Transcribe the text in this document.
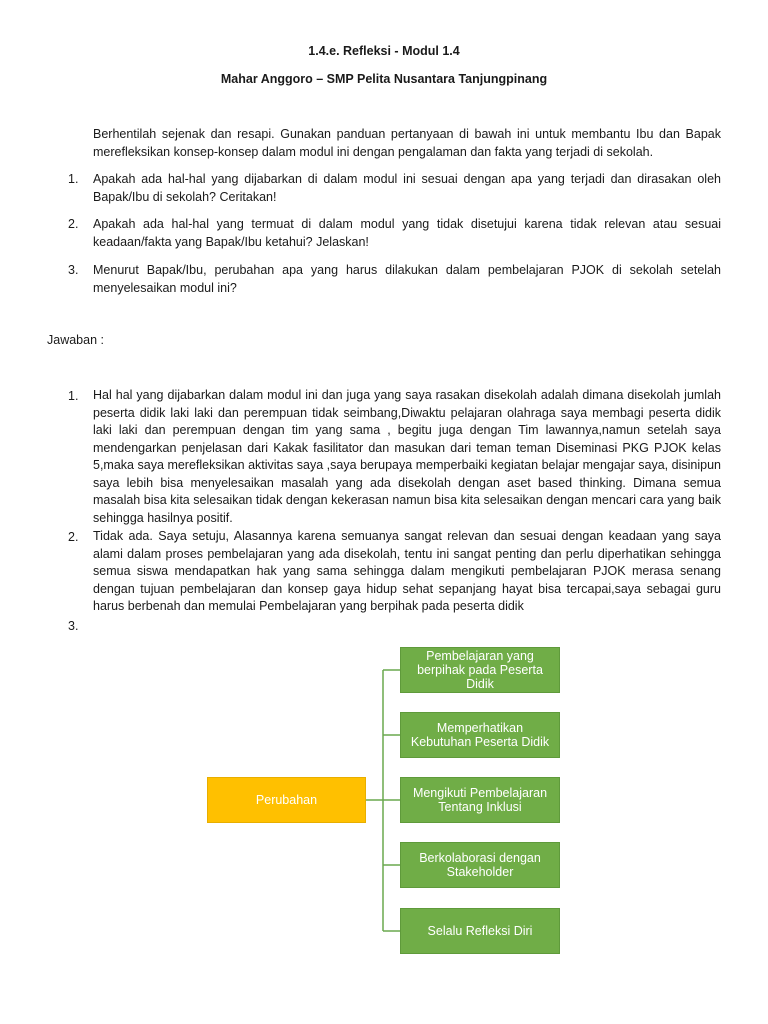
1.4.e. Refleksi - Modul 1.4
Mahar Anggoro – SMP Pelita Nusantara Tanjungpinang
Berhentilah sejenak dan resapi. Gunakan panduan pertanyaan di bawah ini untuk membantu Ibu dan Bapak merefleksikan konsep-konsep dalam modul ini dengan pengalaman dan fakta yang terjadi di sekolah.
1. Apakah ada hal-hal yang dijabarkan di dalam modul ini sesuai dengan apa yang terjadi dan dirasakan oleh Bapak/Ibu di sekolah? Ceritakan!
2. Apakah ada hal-hal yang termuat di dalam modul yang tidak disetujui karena tidak relevan atau sesuai keadaan/fakta yang Bapak/Ibu ketahui? Jelaskan!
3. Menurut Bapak/Ibu, perubahan apa yang harus dilakukan dalam pembelajaran PJOK di sekolah setelah menyelesaikan modul ini?
Jawaban :
1. Hal hal yang dijabarkan dalam modul ini dan juga yang saya rasakan disekolah adalah dimana disekolah jumlah peserta didik laki laki dan perempuan tidak seimbang,Diwaktu pelajaran olahraga saya membagi peserta didik laki laki dan perempuan dengan tim yang sama , begitu juga dengan Tim lawannya,namun setelah saya mendengarkan penjelasan dari Kakak fasilitator dan masukan dari teman teman Diseminasi PKG PJOK kelas 5,maka saya merefleksikan aktivitas saya ,saya berupaya memperbaiki kegiatan belajar mengajar saya, disinipun saya lebih bisa menyelesaikan masalah yang ada disekolah dengan aset based thinking. Dimana semua masalah bisa kita selesaikan tidak dengan kekerasan namun bisa kita selesaikan dengan mencari cara yang baik sehingga hasilnya positif.
2. Tidak ada. Saya setuju, Alasannya karena semuanya sangat relevan dan sesuai dengan keadaan yang saya alami dalam proses pembelajaran yang ada disekolah, tentu ini sangat penting dan perlu diperhatikan sehingga semua siswa mendapatkan hak yang sama sehingga dalam mengikuti pembelajaran PJOK merasa senang dengan tujuan pembelajaran dan konsep gaya hidup sehat sepanjang hayat bisa tercapai,saya sebagai guru harus berbenah dan memulai Pembelajaran yang berpihak pada peserta didik
3.
Perubahan
Pembelajaran yang berpihak pada Peserta Didik
Memperhatikan Kebutuhan Peserta Didik
Mengikuti Pembelajaran Tentang Inklusi
Berkolaborasi dengan Stakeholder
Selalu Refleksi Diri
